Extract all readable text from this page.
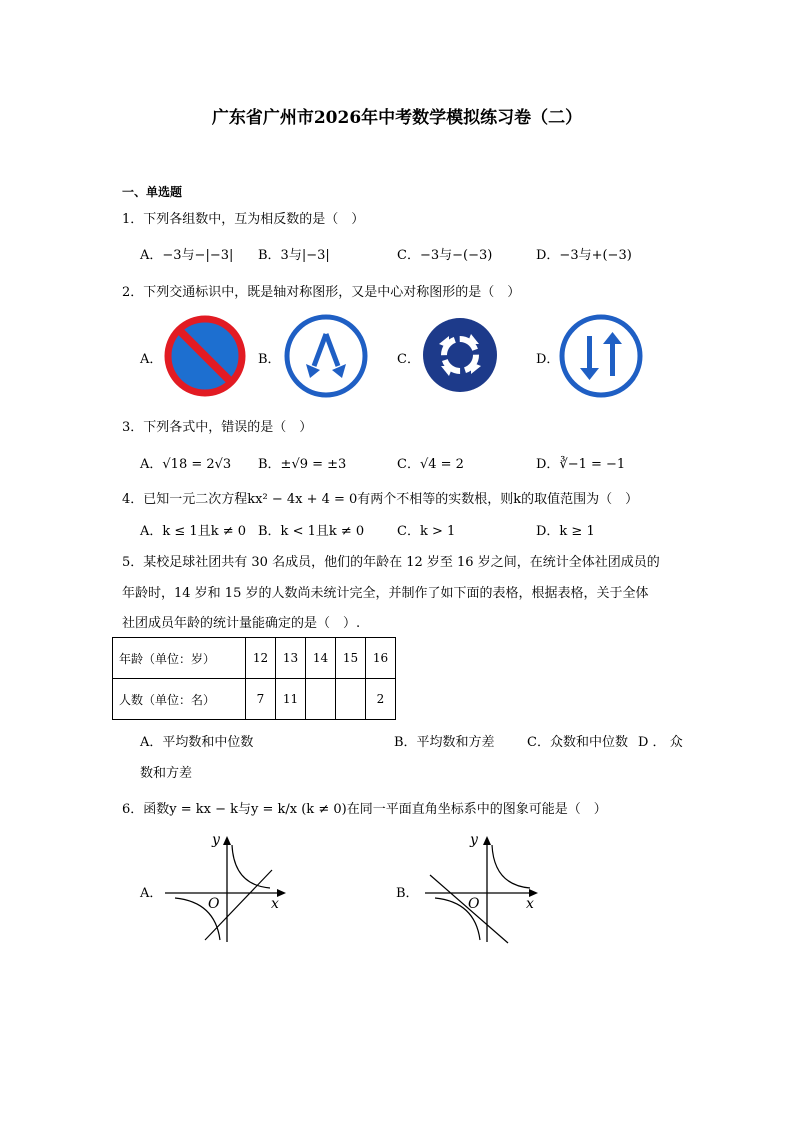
广东省广州市2026年中考数学模拟练习卷（二）
一、单选题
1．下列各组数中，互为相反数的是（　）
A．−3与−|−3| B．3与|−3|	C．−3与−(−3)	D．−3与+(−3)
2．下列交通标识中，既是轴对称图形，又是中心对称图形的是（　）
A．	B．	C．	D．
3．下列各式中，错误的是（　）
A．√18 = 2√3 B．±√9 = ±3	C．√4 = 2	D．∛−1 = −1
4．已知一元二次方程kx² − 4x + 4 = 0有两个不相等的实数根，则k的取值范围为（　）
A．k ≤ 1且k ≠ 0 B．k < 1且k ≠ 0	C．k > 1	D．k ≥ 1
5．某校足球社团共有 30 名成员，他们的年龄在 12 岁至 16 岁之间，在统计全体社团成员的
年龄时，14 岁和 15 岁的人数尚未统计完全，并制作了如下面的表格，根据表格，关于全体
社团成员年龄的统计量能确定的是（　）.
年龄（单位：岁）	12	13	14	15	16
人数（单位：名）	7	11			2
A．平均数和中位数	B．平均数和方差 C．众数和中位数 D ． 众
数和方差
6．函数y = kx − k与y = k/x (k ≠ 0)在同一平面直角坐标系中的图象可能是（　）
A．	B．
y
x
O
y
x
O
